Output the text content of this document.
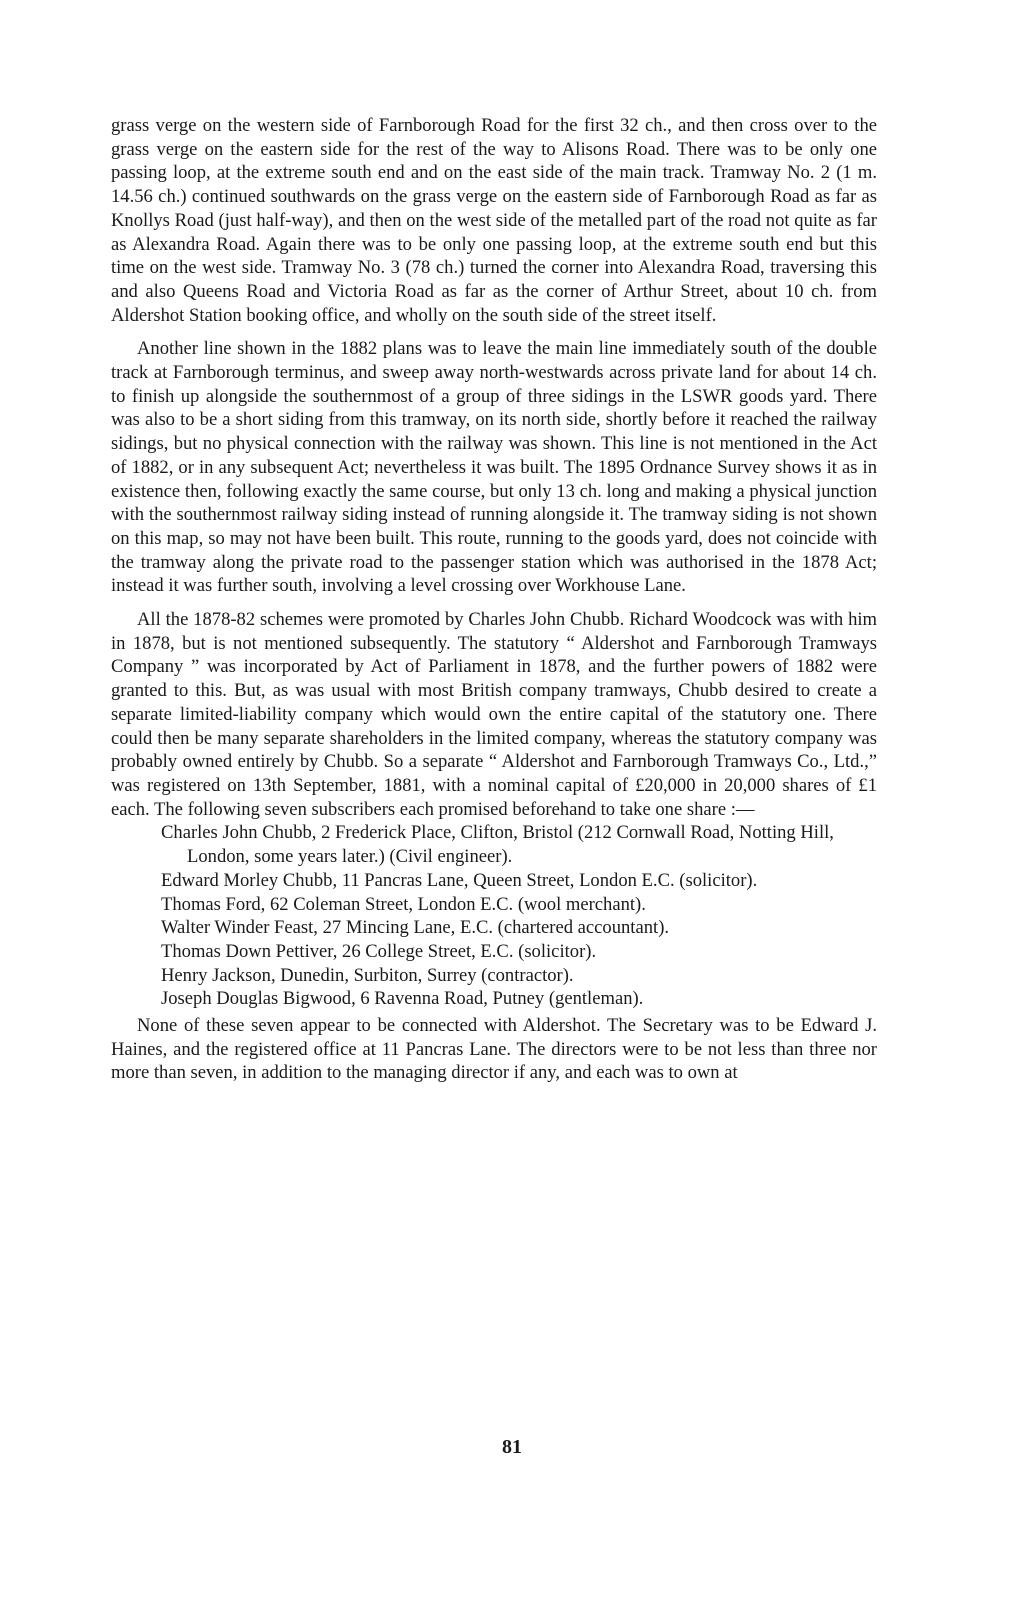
grass verge on the western side of Farnborough Road for the first 32 ch., and then cross over to the grass verge on the eastern side for the rest of the way to Alisons Road. There was to be only one passing loop, at the extreme south end and on the east side of the main track. Tramway No. 2 (1 m. 14.56 ch.) continued southwards on the grass verge on the eastern side of Farnborough Road as far as Knollys Road (just half-way), and then on the west side of the metalled part of the road not quite as far as Alexandra Road. Again there was to be only one passing loop, at the extreme south end but this time on the west side. Tramway No. 3 (78 ch.) turned the corner into Alexandra Road, traversing this and also Queens Road and Victoria Road as far as the corner of Arthur Street, about 10 ch. from Aldershot Station booking office, and wholly on the south side of the street itself.

Another line shown in the 1882 plans was to leave the main line immediately south of the double track at Farnborough terminus, and sweep away north-westwards across private land for about 14 ch. to finish up alongside the southernmost of a group of three sidings in the LSWR goods yard. There was also to be a short siding from this tramway, on its north side, shortly before it reached the railway sidings, but no physical connection with the railway was shown. This line is not mentioned in the Act of 1882, or in any subsequent Act; nevertheless it was built. The 1895 Ordnance Survey shows it as in existence then, following exactly the same course, but only 13 ch. long and making a physical junction with the southernmost railway siding instead of running alongside it. The tramway siding is not shown on this map, so may not have been built. This route, running to the goods yard, does not coincide with the tramway along the private road to the passenger station which was authorised in the 1878 Act; instead it was further south, involving a level crossing over Workhouse Lane.

All the 1878-82 schemes were promoted by Charles John Chubb. Richard Woodcock was with him in 1878, but is not mentioned subsequently. The statutory “ Aldershot and Farnborough Tramways Company ” was incorporated by Act of Parliament in 1878, and the further powers of 1882 were granted to this. But, as was usual with most British company tramways, Chubb desired to create a separate limited-liability company which would own the entire capital of the statutory one. There could then be many separate shareholders in the limited company, whereas the statutory company was probably owned entirely by Chubb. So a separate “ Aldershot and Farnborough Tramways Co., Ltd.,” was registered on 13th September, 1881, with a nominal capital of £20,000 in 20,000 shares of £1 each. The following seven subscribers each promised beforehand to take one share :—

Charles John Chubb, 2 Frederick Place, Clifton, Bristol (212 Cornwall Road, Notting Hill, London, some years later.) (Civil engineer).
Edward Morley Chubb, 11 Pancras Lane, Queen Street, London E.C. (solicitor).
Thomas Ford, 62 Coleman Street, London E.C. (wool merchant).
Walter Winder Feast, 27 Mincing Lane, E.C. (chartered accountant).
Thomas Down Pettiver, 26 College Street, E.C. (solicitor).
Henry Jackson, Dunedin, Surbiton, Surrey (contractor).
Joseph Douglas Bigwood, 6 Ravenna Road, Putney (gentleman).

None of these seven appear to be connected with Aldershot. The Secretary was to be Edward J. Haines, and the registered office at 11 Pancras Lane. The directors were to be not less than three nor more than seven, in addition to the managing director if any, and each was to own at

81
